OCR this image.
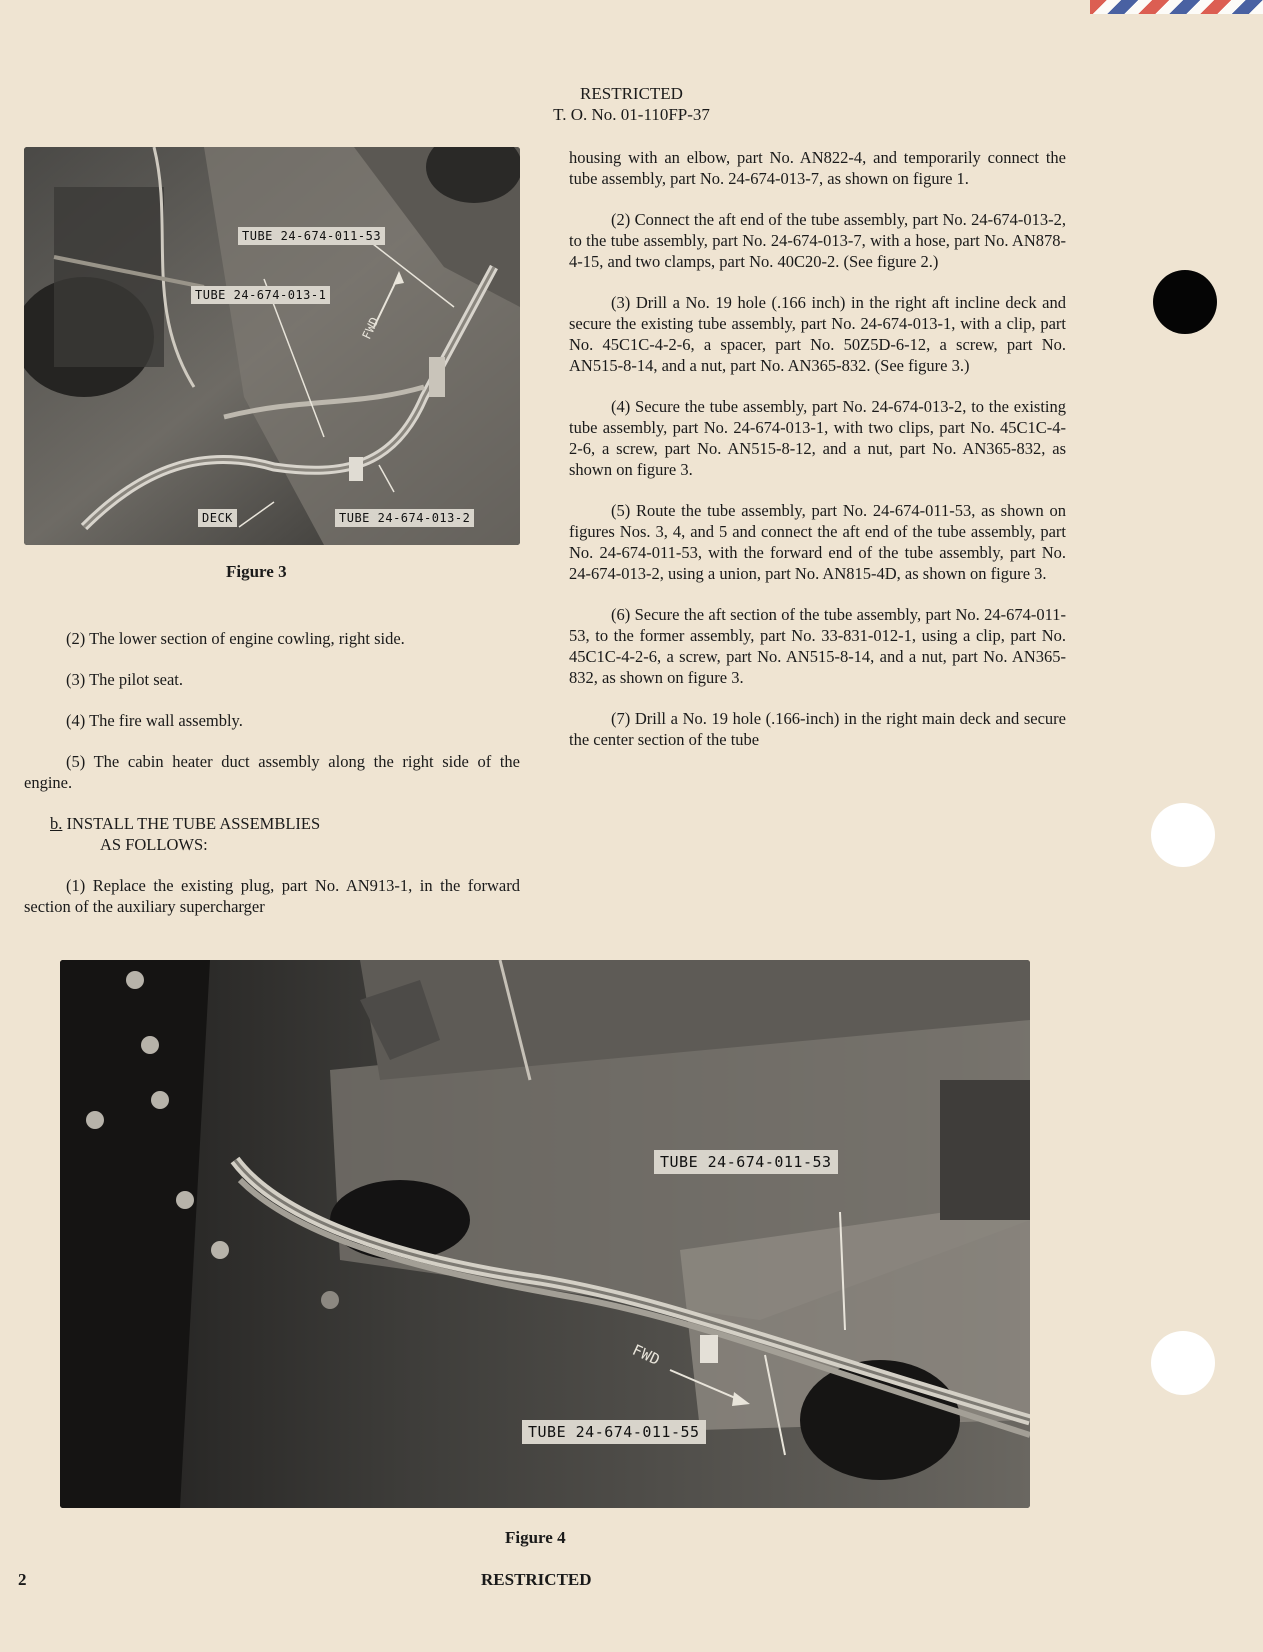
RESTRICTED
T. O. No. 01-110FP-37
TUBE 24-674-011-53
TUBE 24-674-013-1
FWD
DECK	TUBE 24-674-013-2
Figure 3

(2) The lower section of engine cowling, right side.

(3) The pilot seat.

(4) The fire wall assembly.

(5) The cabin heater duct assembly along the right side of the engine.

b. INSTALL THE TUBE ASSEMBLIES
AS FOLLOWS:

(1) Replace the existing plug, part No. AN913-1, in the forward section of the auxiliary supercharger

housing with an elbow, part No. AN822-4, and temporarily connect the tube assembly, part No. 24-674-013-7, as shown on figure 1.

(2) Connect the aft end of the tube assembly, part No. 24-674-013-2, to the tube assembly, part No. 24-674-013-7, with a hose, part No. AN878-4-15, and two clamps, part No. 40C20-2. (See figure 2.)

(3) Drill a No. 19 hole (.166 inch) in the right aft incline deck and secure the existing tube assembly, part No. 24-674-013-1, with a clip, part No. 45C1C-4-2-6, a spacer, part No. 50Z5D-6-12, a screw, part No. AN515-8-14, and a nut, part No. AN365-832. (See figure 3.)

(4) Secure the tube assembly, part No. 24-674-013-2, to the existing tube assembly, part No. 24-674-013-1, with two clips, part No. 45C1C-4-2-6, a screw, part No. AN515-8-12, and a nut, part No. AN365-832, as shown on figure 3.

(5) Route the tube assembly, part No. 24-674-011-53, as shown on figures Nos. 3, 4, and 5 and connect the aft end of the tube assembly, part No. 24-674-011-53, with the forward end of the tube assembly, part No. 24-674-013-2, using a union, part No. AN815-4D, as shown on figure 3.

(6) Secure the aft section of the tube assembly, part No. 24-674-011-53, to the former assembly, part No. 33-831-012-1, using a clip, part No. 45C1C-4-2-6, a screw, part No. AN515-8-14, and a nut, part No. AN365-832, as shown on figure 3.

(7) Drill a No. 19 hole (.166-inch) in the right main deck and secure the center section of the tube

TUBE 24-674-011-53
FWD
TUBE 24-674-011-55
Figure 4
2	RESTRICTED
